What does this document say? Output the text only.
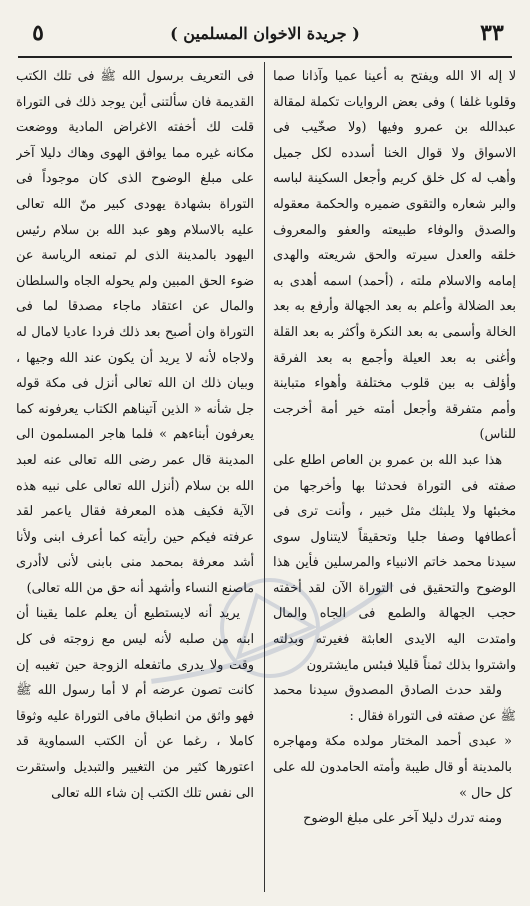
٥	( جريدة الاخوان المسلمين )	٣٣

لا إله الا الله ويفتح به أعينا عميا وآذانا صما وقلوبا غلفا ) وفى بعض الروايات تكملة لمقالة عبدالله بن عمرو وفيها (ولا صخّيب فى الاسواق ولا قوال الخنا أسدده لكل جميل وأهب له كل خلق كريم وأجعل السكينة لباسه والبر شعاره والتقوى ضميره والحكمة معقوله والصدق والوفاء طبيعته والعفو والمعروف خلقه والعدل سيرته والحق شريعته والهدى إمامه والاسلام ملته ، (أحمد) اسمه أهدى به بعد الضلالة وأعلم به بعد الجهالة وأرفع به بعد الخالة وأسمى به بعد النكرة وأكثر به بعد القلة وأغنى به بعد العيلة وأجمع به بعد الفرقة وأؤلف به بين قلوب مختلفة وأهواء متباينة وأمم متفرقة وأجعل أمته خير أمة أخرجت للناس)

هذا عبد الله بن عمرو بن العاص اطلع على صفته فى التوراة فحدثنا بها وأخرجها من مخبئها ولا يلبثك مثل خبير ، وأنت ترى فى أعطافها وصفا جليا وتحقيقاً لايتناول سوى سيدنا محمد خاتم الانبياء والمرسلين فأين هذا الوضوح والتحقيق فى التوراة الآن لقد أخفته حجب الجهالة والطمع فى الجاه والمال وامتدت اليه الايدى العابثة فغيرته وبدلته واشتروا بذلك ثمناً قليلا فبئس مايشترون

ولقد حدث الصادق المصدوق سيدنا محمد ﷺ عن صفته فى التوراة فقال :

« عبدى أحمد المختار مولده مكة ومهاجره بالمدينة أو قال طيبة وأمته الحامدون لله على كل حال »

ومنه تدرك دليلا آخر على مبلغ الوضوح

فى التعريف برسول الله ﷺ فى تلك الكتب القديمة فان سألتنى أين يوجد ذلك فى التوراة قلت لك أخفته الاغراض المادية ووضعت مكانه غيره مما يوافق الهوى وهاك دليلا آخر على مبلغ الوضوح الذى كان موجوداً فى التوراة بشهادة يهودى كبير منّ الله تعالى عليه بالاسلام وهو عبد الله بن سلام رئيس اليهود بالمدينة الذى لم تمنعه الرياسة عن ضوء الحق المبين ولم يحوله الجاه والسلطان والمال عن اعتقاد ماجاء مصدقا لما فى التوراة وان أصبح بعد ذلك فردا عاديا لامال له ولاجاه لأنه لا يريد أن يكون عند الله وجيها ، وبيان ذلك ان الله تعالى أنزل فى مكة قوله جل شأنه « الذين آتيناهم الكتاب يعرفونه كما يعرفون أبناءهم » فلما هاجر المسلمون الى المدينة قال عمر رضى الله تعالى عنه لعبد الله بن سلام (أنزل الله تعالى على نبيه هذه الآية فكيف هذه المعرفة فقال ياعمر لقد عرفته فيكم حين رأيته كما أعرف ابنى ولأنا أشد معرفة بمحمد منى بابنى لأنى لاأدرى ماصنع النساء وأشهد أنه حق من الله تعالى)

يريد أنه لايستطيع أن يعلم علما يقينا أن ابنه من صلبه لأنه ليس مع زوجته فى كل وقت ولا يدرى ماتفعله الزوجة حين تغيبه إن كانت تصون عرضه أم لا أما رسول الله ﷺ فهو واثق من انطباق مافى التوراة عليه وثوقا كاملا ، رغما عن أن الكتب السماوية قد اعتورها كثير من التغيير والتبديل واستقرت الى نفس تلك الكتب إن شاء الله تعالى
